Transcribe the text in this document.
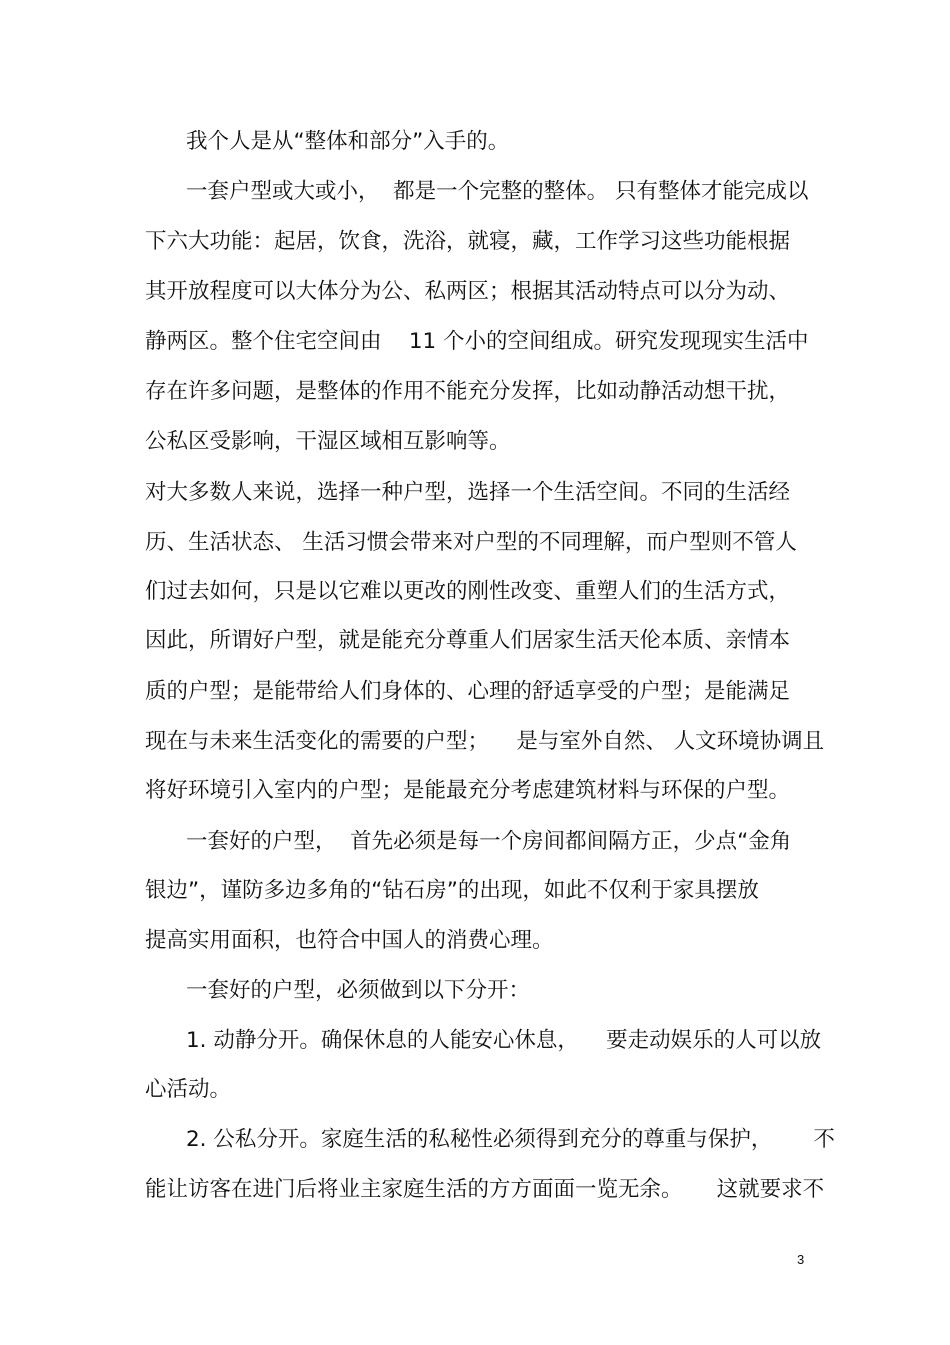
我个人是从“整体和部分”入手的。
一套户型或大或小，  都是一个完整的整体。 只有整体才能完成以
下六大功能：起居，饮食，洗浴，就寝，藏，工作学习这些功能根据
其开放程度可以大体分为公、私两区；根据其活动特点可以分为动、
静两区。整个住宅空间由    11 个小的空间组成。研究发现现实生活中
存在许多问题，是整体的作用不能充分发挥，比如动静活动想干扰，
公私区受影响，干湿区域相互影响等。
对大多数人来说，选择一种户型，选择一个生活空间。不同的生活经
历、生活状态、 生活习惯会带来对户型的不同理解，而户型则不管人
们过去如何，只是以它难以更改的刚性改变、重塑人们的生活方式，
因此，所谓好户型，就是能充分尊重人们居家生活天伦本质、亲情本
质的户型；是能带给人们身体的、心理的舒适享受的户型；是能满足
现在与未来生活变化的需要的户型；    是与室外自然、 人文环境协调且
将好环境引入室内的户型；是能最充分考虑建筑材料与环保的户型。
一套好的户型，  首先必须是每一个房间都间隔方正，少点“金角
银边”，谨防多边多角的“钻石房”的出现，如此不仅利于家具摆放
提高实用面积，也符合中国人的消费心理。
一套好的户型，必须做到以下分开：
1. 动静分开。确保休息的人能安心休息，    要走动娱乐的人可以放
心活动。
2. 公私分开。家庭生活的私秘性必须得到充分的尊重与保护，      不
能让访客在进门后将业主家庭生活的方方面面一览无余。     这就要求不
3
